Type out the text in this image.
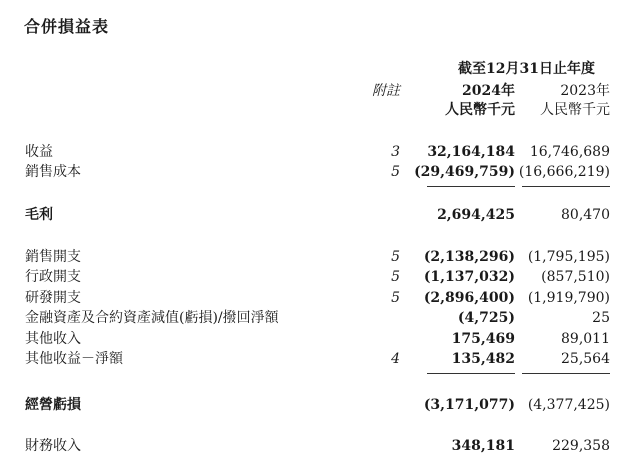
合併損益表
截至12月31日止年度
附註	2024年	2023年
人民幣千元 人民幣千元
收益	3 32,164,184 16,746,689
銷售成本	5 (29,469,759) (16,666,219)
毛利	2,694,425	80,470
銷售開支	5 (2,138,296) (1,795,195)
行政開支	5 (1,137,032) (857,510)
研發開支	5 (2,896,400) (1,919,790)
金融資產及合約資產減值(虧損)/撥回淨額	(4,725)	25
其他收入	175,469	89,011
其他收益－淨額	4	135,482	25,564
經營虧損	(3,171,077) (4,377,425)
財務收入	348,181	229,358
